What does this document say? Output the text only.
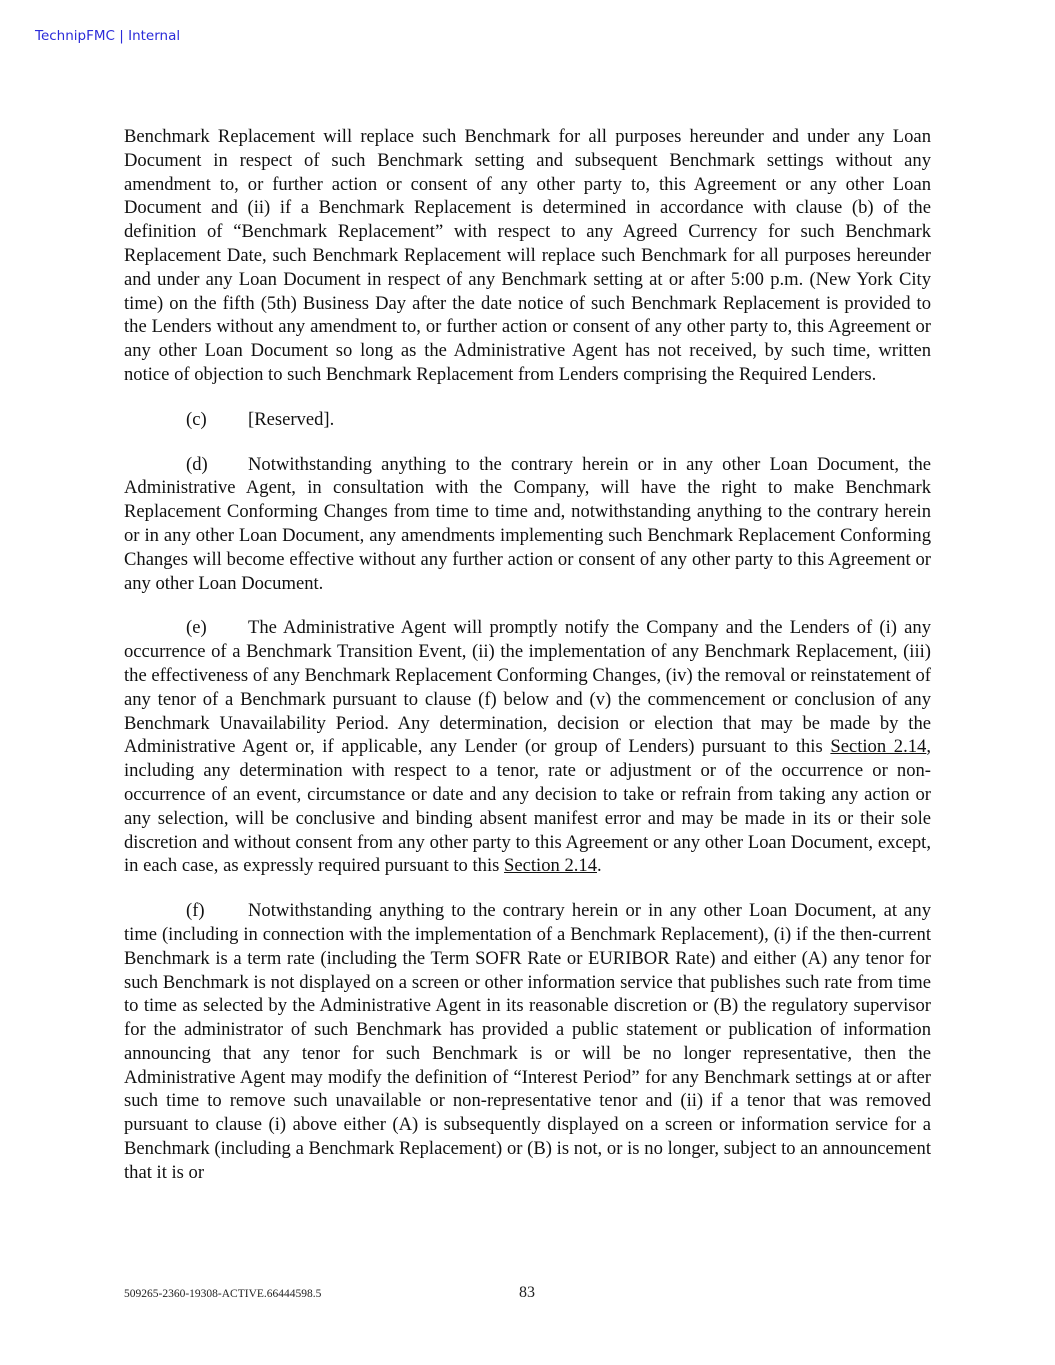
TechnipFMC | Internal

Benchmark Replacement will replace such Benchmark for all purposes hereunder and under any Loan Document in respect of such Benchmark setting and subsequent Benchmark settings without any amendment to, or further action or consent of any other party to, this Agreement or any other Loan Document and (ii) if a Benchmark Replacement is determined in accordance with clause (b) of the definition of “Benchmark Replacement” with respect to any Agreed Currency for such Benchmark Replacement Date, such Benchmark Replacement will replace such Benchmark for all purposes hereunder and under any Loan Document in respect of any Benchmark setting at or after 5:00 p.m. (New York City time) on the fifth (5th) Business Day after the date notice of such Benchmark Replacement is provided to the Lenders without any amendment to, or further action or consent of any other party to, this Agreement or any other Loan Document so long as the Administrative Agent has not received, by such time, written notice of objection to such Benchmark Replacement from Lenders comprising the Required Lenders.

(c) [Reserved].

(d) Notwithstanding anything to the contrary herein or in any other Loan Document, the Administrative Agent, in consultation with the Company, will have the right to make Benchmark Replacement Conforming Changes from time to time and, notwithstanding anything to the contrary herein or in any other Loan Document, any amendments implementing such Benchmark Replacement Conforming Changes will become effective without any further action or consent of any other party to this Agreement or any other Loan Document.

(e) The Administrative Agent will promptly notify the Company and the Lenders of (i) any occurrence of a Benchmark Transition Event, (ii) the implementation of any Benchmark Replacement, (iii) the effectiveness of any Benchmark Replacement Conforming Changes, (iv) the removal or reinstatement of any tenor of a Benchmark pursuant to clause (f) below and (v) the commencement or conclusion of any Benchmark Unavailability Period. Any determination, decision or election that may be made by the Administrative Agent or, if applicable, any Lender (or group of Lenders) pursuant to this Section 2.14, including any determination with respect to a tenor, rate or adjustment or of the occurrence or non-occurrence of an event, circumstance or date and any decision to take or refrain from taking any action or any selection, will be conclusive and binding absent manifest error and may be made in its or their sole discretion and without consent from any other party to this Agreement or any other Loan Document, except, in each case, as expressly required pursuant to this Section 2.14.

(f) Notwithstanding anything to the contrary herein or in any other Loan Document, at any time (including in connection with the implementation of a Benchmark Replacement), (i) if the then-current Benchmark is a term rate (including the Term SOFR Rate or EURIBOR Rate) and either (A) any tenor for such Benchmark is not displayed on a screen or other information service that publishes such rate from time to time as selected by the Administrative Agent in its reasonable discretion or (B) the regulatory supervisor for the administrator of such Benchmark has provided a public statement or publication of information announcing that any tenor for such Benchmark is or will be no longer representative, then the Administrative Agent may modify the definition of “Interest Period” for any Benchmark settings at or after such time to remove such unavailable or non-representative tenor and (ii) if a tenor that was removed pursuant to clause (i) above either (A) is subsequently displayed on a screen or information service for a Benchmark (including a Benchmark Replacement) or (B) is not, or is no longer, subject to an announcement that it is or

509265-2360-19308-ACTIVE.66444598.5	83
